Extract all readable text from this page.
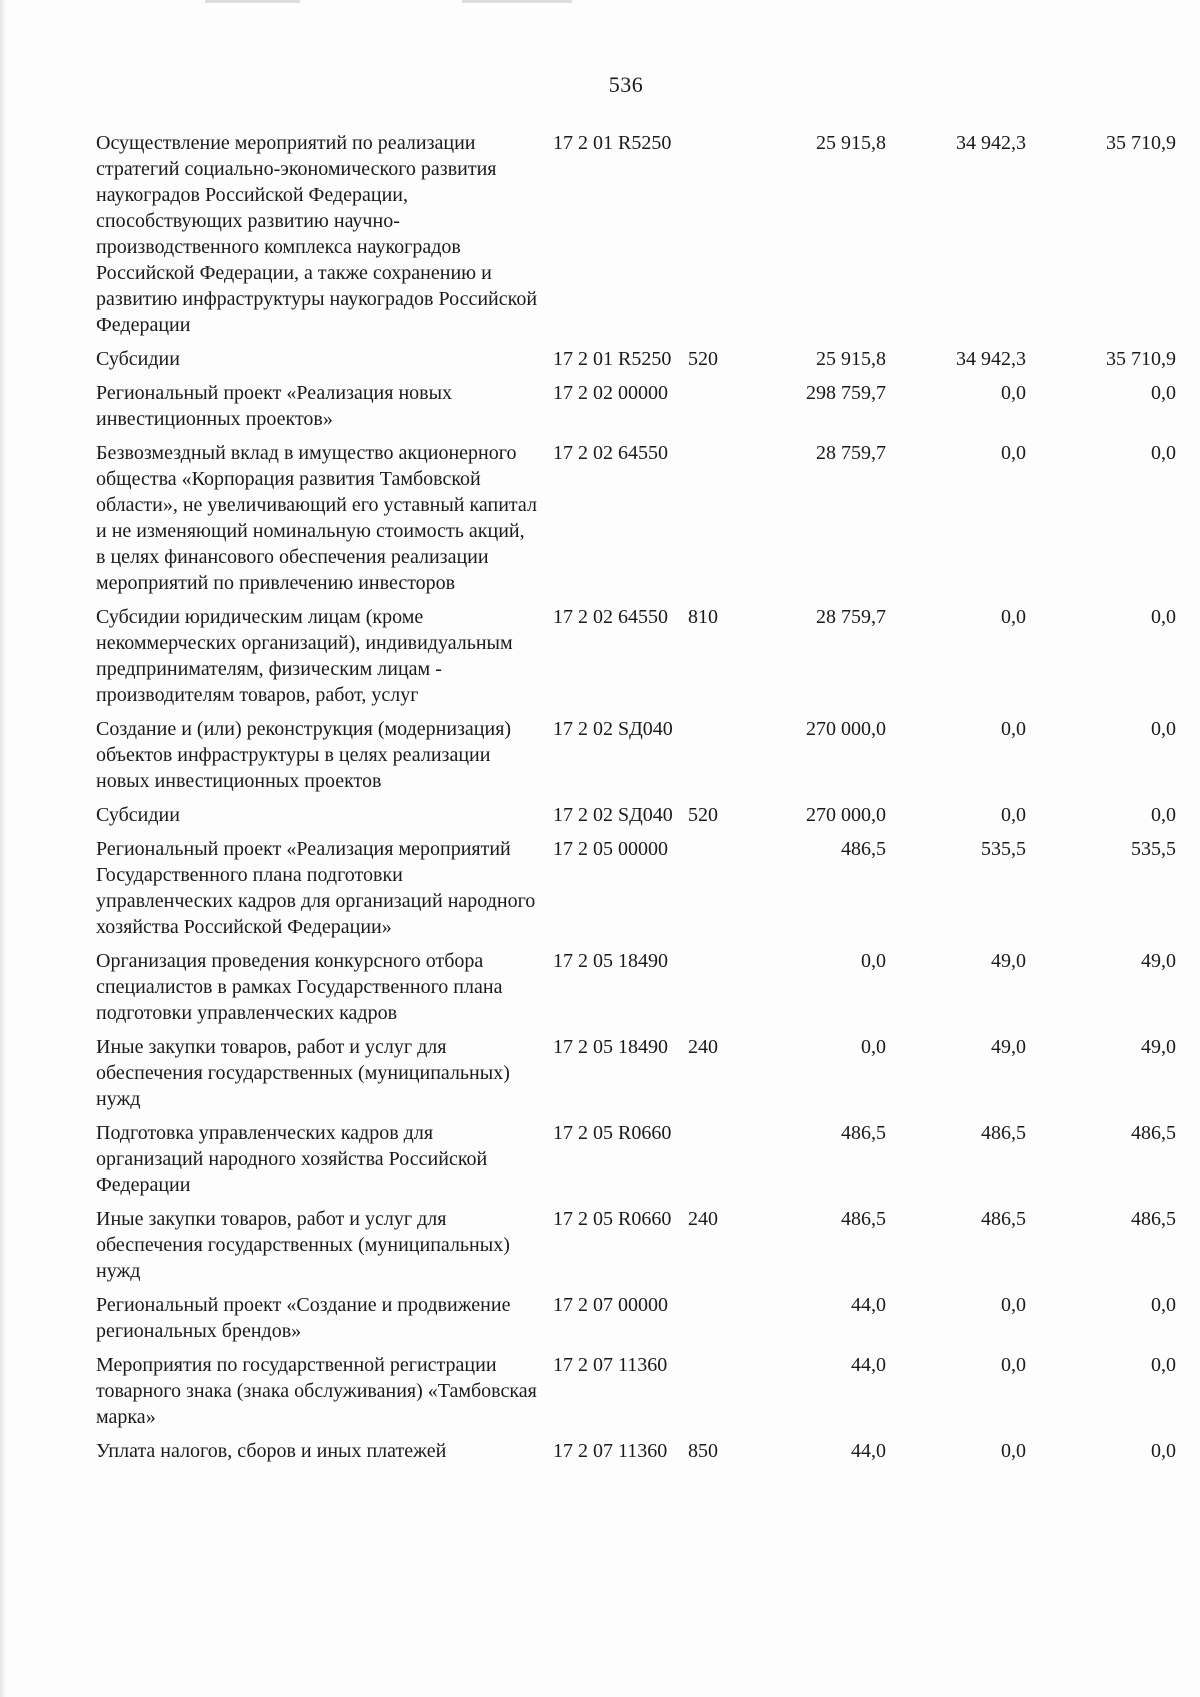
536
Осуществление мероприятий по реализации стратегий социально-экономического развития наукоградов Российской Федерации, способствующих развитию научно-производственного комплекса наукоградов Российской Федерации, а также сохранению и развитию инфраструктуры наукоградов Российской Федерации	17 2 01 R5250		25 915,8	34 942,3	35 710,9
Субсидии	17 2 01 R5250	520	25 915,8	34 942,3	35 710,9
Региональный проект «Реализация новых инвестиционных проектов»	17 2 02 00000		298 759,7	0,0	0,0
Безвозмездный вклад в имущество акционерного общества «Корпорация развития Тамбовской области», не увеличивающий его уставный капитал и не изменяющий номинальную стоимость акций, в целях финансового обеспечения реализации мероприятий по привлечению инвесторов	17 2 02 64550		28 759,7	0,0	0,0
Субсидии юридическим лицам (кроме некоммерческих организаций), индивидуальным предпринимателям, физическим лицам - производителям товаров, работ, услуг	17 2 02 64550	810	28 759,7	0,0	0,0
Создание и (или) реконструкция (модернизация) объектов инфраструктуры в целях реализации новых инвестиционных проектов	17 2 02 SД040		270 000,0	0,0	0,0
Субсидии	17 2 02 SД040	520	270 000,0	0,0	0,0
Региональный проект «Реализация мероприятий Государственного плана подготовки управленческих кадров для организаций народного хозяйства Российской Федерации»	17 2 05 00000		486,5	535,5	535,5
Организация проведения конкурсного отбора специалистов в рамках Государственного плана подготовки управленческих кадров	17 2 05 18490		0,0	49,0	49,0
Иные закупки товаров, работ и услуг для обеспечения государственных (муниципальных) нужд	17 2 05 18490	240	0,0	49,0	49,0
Подготовка управленческих кадров для организаций народного хозяйства Российской Федерации	17 2 05 R0660		486,5	486,5	486,5
Иные закупки товаров, работ и услуг для обеспечения государственных (муниципальных) нужд	17 2 05 R0660	240	486,5	486,5	486,5
Региональный проект «Создание и продвижение региональных брендов»	17 2 07 00000		44,0	0,0	0,0
Мероприятия по государственной регистрации товарного знака (знака обслуживания) «Тамбовская марка»	17 2 07 11360		44,0	0,0	0,0
Уплата налогов, сборов и иных платежей	17 2 07 11360	850	44,0	0,0	0,0
